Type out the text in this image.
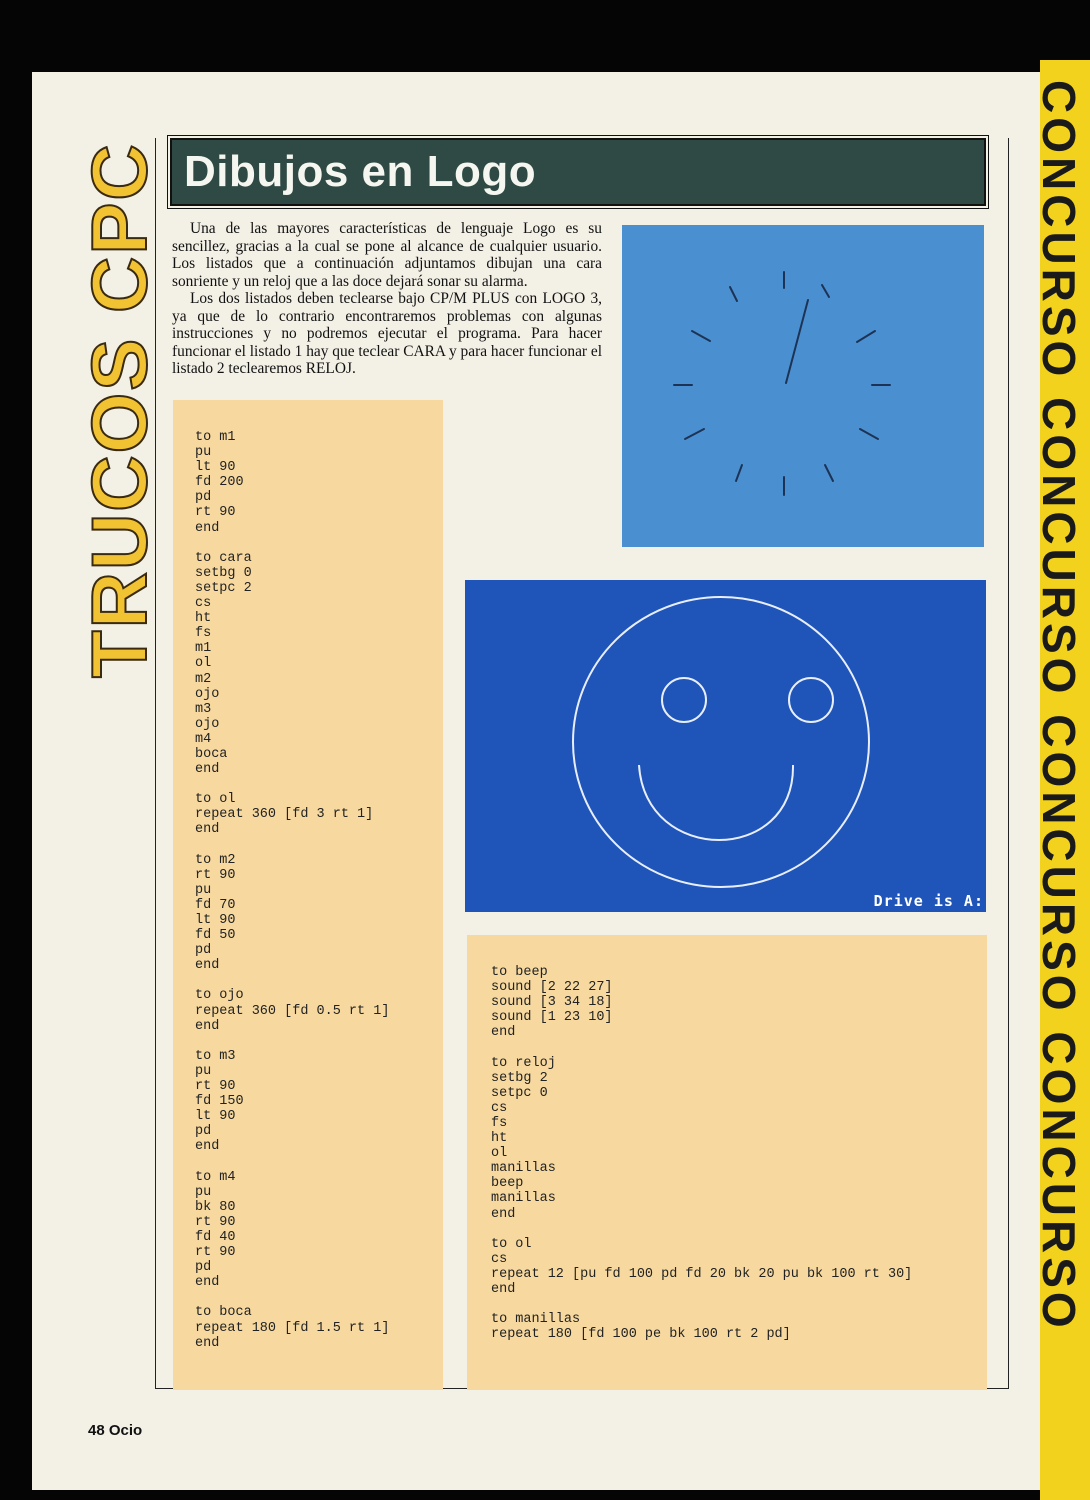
CONCURSO CONCURSO CONCURSO CONCURSO
TRUCOS CPC Dibujos en Logo

Una de las mayores características de lenguaje Logo es su sencillez, gracias a la cual se pone al alcance de cualquier usuario. Los listados que a continuación adjuntamos dibujan una cara sonriente y un reloj que a las doce dejará sonar su alarma.

Los dos listados deben teclearse bajo CP/M PLUS con LOGO 3, ya que de lo contrario encontraremos problemas con algunas instrucciones y no podremos ejecutar el programa. Para hacer funcionar el listado 1 hay que teclear CARA y para hacer funcionar el listado 2 teclearemos RELOJ.

Drive is A:
to m1
pu
lt 90
fd 200
pd
rt 90
end

to cara
setbg 0
setpc 2
cs
ht
fs
m1
ol
m2
ojo
m3
ojo
m4
boca
end

to ol
repeat 360 [fd 3 rt 1]
end

to m2
rt 90
pu
fd 70
lt 90
fd 50
pd
end

to ojo
repeat 360 [fd 0.5 rt 1]
end

to m3
pu
rt 90
fd 150
lt 90
pd
end

to m4
pu
bk 80
rt 90
fd 40
rt 90
pd
end

to boca
repeat 180 [fd 1.5 rt 1]
end
to beep
sound [2 22 27]
sound [3 34 18]
sound [1 23 10]
end

to reloj
setbg 2
setpc 0
cs
fs
ht
ol
manillas
beep
manillas
end

to ol
cs
repeat 12 [pu fd 100 pd fd 20 bk 20 pu bk 100 rt 30]
end

to manillas
repeat 180 [fd 100 pe bk 100 rt 2 pd]
48 Ocio
